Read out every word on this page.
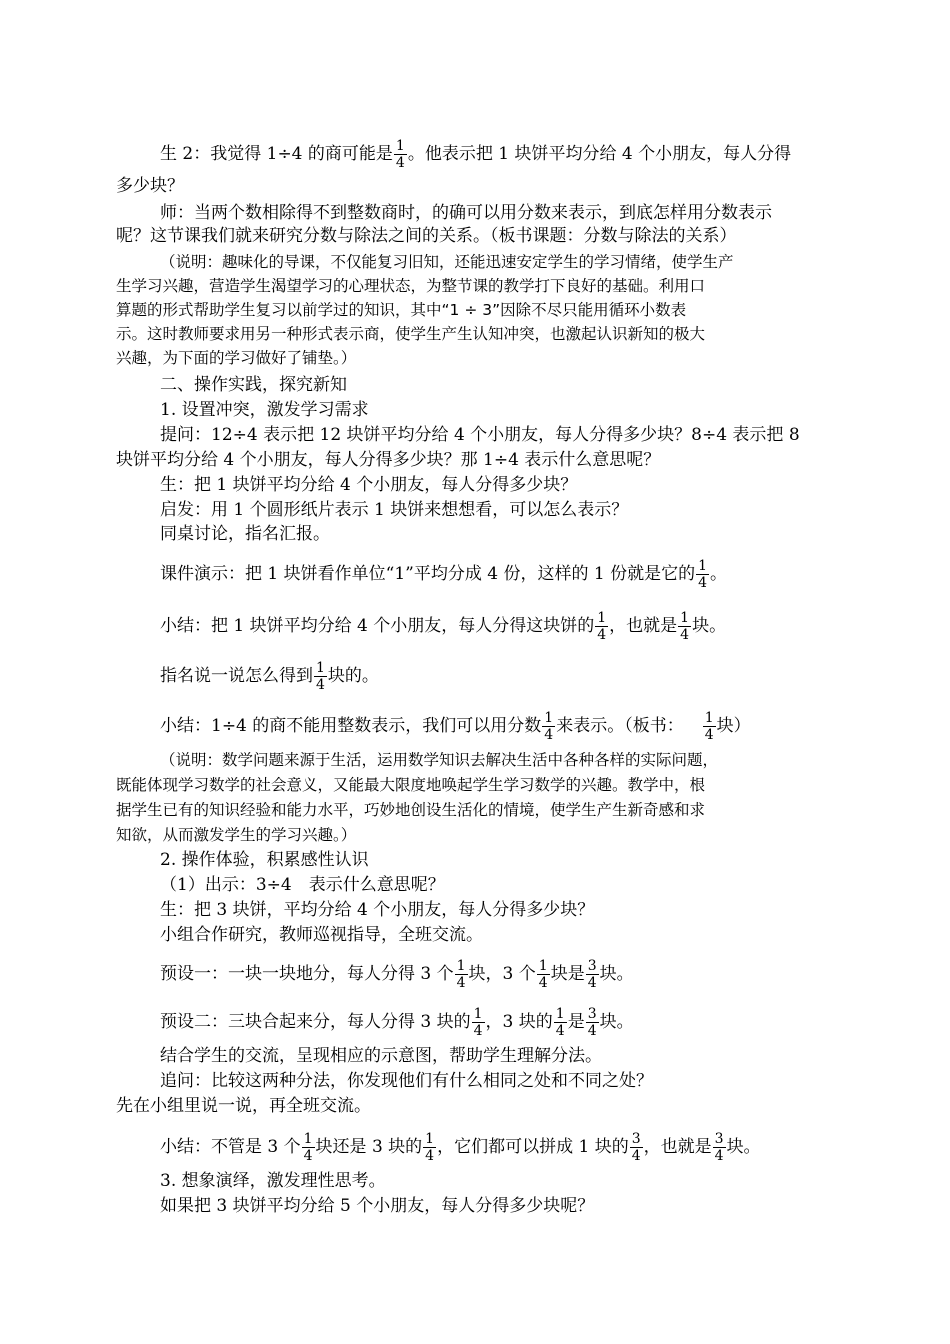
生 2：我觉得 1÷4 的商可能是 $\frac{1}{4}$ 。他表示把 1 块饼平均分给 4 个小朋友，每人分得
多少块？
师：当两个数相除得不到整数商时，的确可以用分数来表示，到底怎样用分数表示
呢？这节课我们就来研究分数与除法之间的关系。（板书课题：分数与除法的关系）
（说明：趣味化的导课，不仅能复习旧知，还能迅速安定学生的学习情绪，使学生产
生学习兴趣，营造学生渴望学习的心理状态，为整节课的教学打下良好的基础。利用口
算题的形式帮助学生复习以前学过的知识，其中“1 ÷ 3”因除不尽只能用循环小数表
示。这时教师要求用另一种形式表示商，使学生产生认知冲突，也激起认识新知的极大
兴趣，为下面的学习做好了铺垫。）
二、操作实践，探究新知
1. 设置冲突，激发学习需求
提问：12÷4 表示把 12 块饼平均分给 4 个小朋友，每人分得多少块？8÷4 表示把 8
块饼平均分给 4 个小朋友，每人分得多少块？那 1÷4 表示什么意思呢？
生：把 1 块饼平均分给 4 个小朋友，每人分得多少块？
启发：用 1 个圆形纸片表示 1 块饼来想想看，可以怎么表示？
同桌讨论，指名汇报。
课件演示：把 1 块饼看作单位“1”平均分成 4 份，这样的 1 份就是它的 $\frac{1}{4}$ 。
小结：把 1 块饼平均分给 4 个小朋友，每人分得这块饼的 $\frac{1}{4}$ ，也就是 $\frac{1}{4}$ 块。
指名说一说怎么得到 $\frac{1}{4}$ 块的。
小结：1÷4 的商不能用整数表示，我们可以用分数 $\frac{1}{4}$ 来表示。（板书： $\frac{1}{4}$ 块）
（说明：数学问题来源于生活，运用数学知识去解决生活中各种各样的实际问题，
既能体现学习数学的社会意义，又能最大限度地唤起学生学习数学的兴趣。教学中，根
据学生已有的知识经验和能力水平，巧妙地创设生活化的情境，使学生产生新奇感和求
知欲，从而激发学生的学习兴趣。）
2. 操作体验，积累感性认识
（1）出示：3÷4　表示什么意思呢？
生：把 3 块饼，平均分给 4 个小朋友，每人分得多少块？
小组合作研究，教师巡视指导，全班交流。
预设一：一块一块地分，每人分得 3 个 $\frac{1}{4}$ 块，3 个 $\frac{1}{4}$ 块是 $\frac{3}{4}$ 块。
预设二：三块合起来分，每人分得 3 块的 $\frac{1}{4}$ ，3 块的 $\frac{1}{4}$ 是 $\frac{3}{4}$ 块。
结合学生的交流，呈现相应的示意图，帮助学生理解分法。
追问：比较这两种分法，你发现他们有什么相同之处和不同之处？
先在小组里说一说，再全班交流。
小结：不管是 3 个 $\frac{1}{4}$ 块还是 3 块的 $\frac{1}{4}$ ，它们都可以拼成 1 块的 $\frac{3}{4}$ ，也就是 $\frac{3}{4}$ 块。
3. 想象演绎，激发理性思考。
如果把 3 块饼平均分给 5 个小朋友，每人分得多少块呢？
